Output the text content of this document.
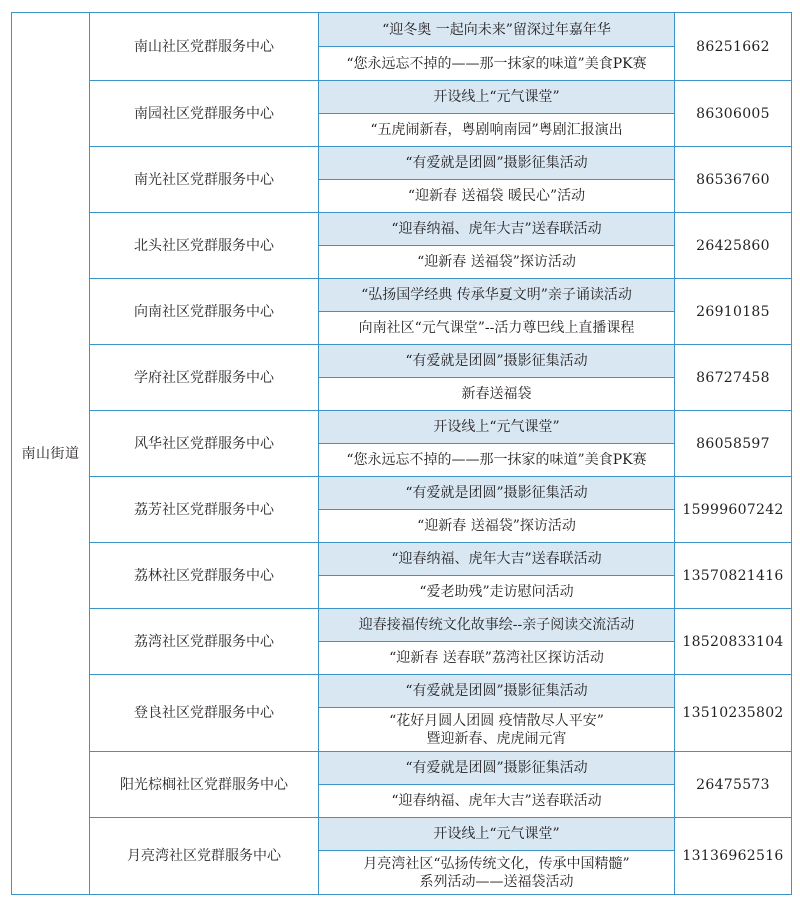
南山街道	南山社区党群服务中心	“迎冬奥 一起向未来”留深过年嘉年华	86251662

		“您永远忘不掉的——那一抹家的味道”美食PK赛	

	南园社区党群服务中心	开设线上“元气课堂”	86306005

		“五虎闹新春，粤剧响南园”粤剧汇报演出	

	南光社区党群服务中心	“有爱就是团圆”摄影征集活动	86536760

		“迎新春 送福袋 暖民心”活动	

	北头社区党群服务中心	“迎春纳福、虎年大吉”送春联活动	26425860

		“迎新春 送福袋”探访活动	

	向南社区党群服务中心	“弘扬国学经典 传承华夏文明”亲子诵读活动	26910185

		向南社区“元气课堂”--活力尊巴线上直播课程	

	学府社区党群服务中心	“有爱就是团圆”摄影征集活动	86727458

		新春送福袋	

	风华社区党群服务中心	开设线上“元气课堂”	86058597

		“您永远忘不掉的——那一抹家的味道”美食PK赛	

	荔芳社区党群服务中心	“有爱就是团圆”摄影征集活动	15999607242

		“迎新春 送福袋”探访活动	

	荔林社区党群服务中心	“迎春纳福、虎年大吉”送春联活动	13570821416

		“爱老助残”走访慰问活动	

	荔湾社区党群服务中心	迎春接福传统文化故事绘--亲子阅读交流活动	18520833104

		“迎新春 送春联”荔湾社区探访活动	

	登良社区党群服务中心	“有爱就是团圆”摄影征集活动	13510235802

		“花好月圆人团圆 疫情散尽人平安”
暨迎新春、虎虎闹元宵	

	阳光棕榈社区党群服务中心	“有爱就是团圆”摄影征集活动	26475573

		“迎春纳福、虎年大吉”送春联活动	

	月亮湾社区党群服务中心	开设线上“元气课堂”	13136962516

		月亮湾社区“弘扬传统文化，传承中国精髓”
系列活动——送福袋活动	
